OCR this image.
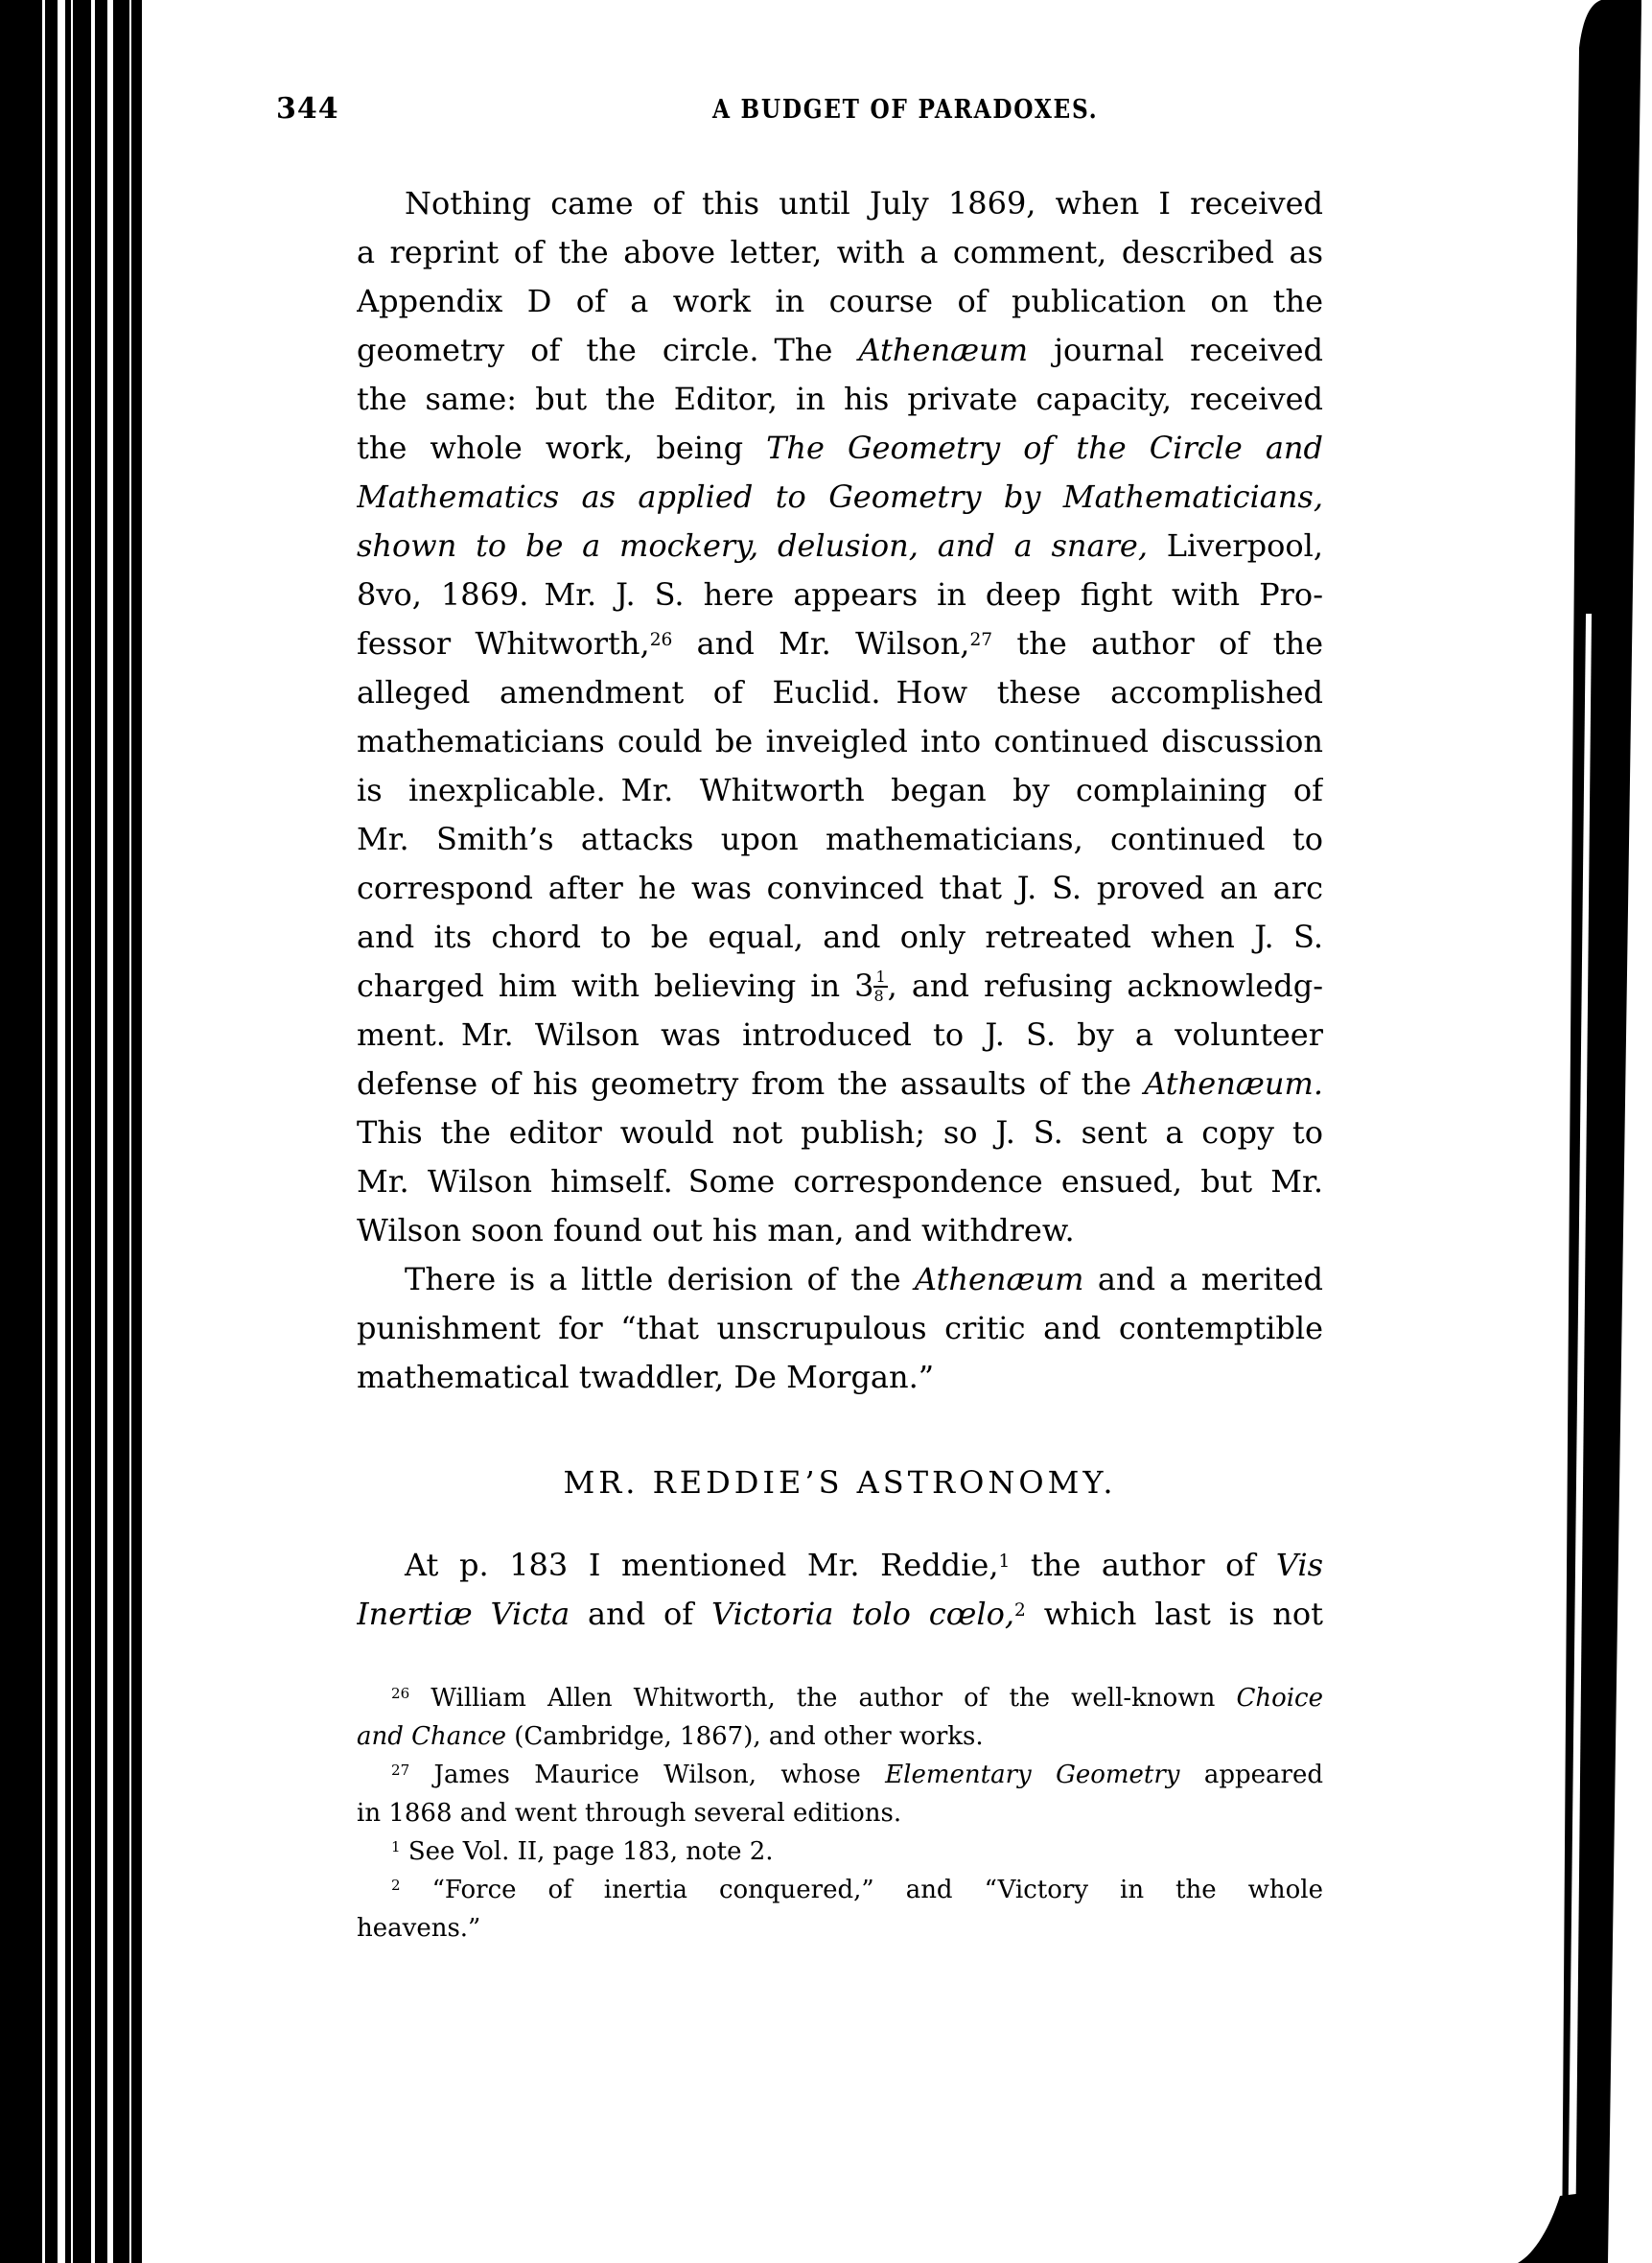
344	A BUDGET OF PARADOXES.
Nothing came of this until July 1869, when I received
a reprint of the above letter, with a comment, described as
Appendix D of a work in course of publication on the
geometry of the circle. The Athenæum journal received
the same: but the Editor, in his private capacity, received
the whole work, being The Geometry of the Circle and
Mathematics as applied to Geometry by Mathematicians,
shown to be a mockery, delusion, and a snare, Liverpool,
8vo, 1869. Mr. J. S. here appears in deep fight with Pro-
fessor Whitworth,$^{26}$ and Mr. Wilson,$^{27}$ the author of the
alleged amendment of Euclid. How these accomplished
mathematicians could be inveigled into continued discussion
is inexplicable. Mr. Whitworth began by complaining of
Mr. Smith’s attacks upon mathematicians, continued to
correspond after he was convinced that J. S. proved an arc
and its chord to be equal, and only retreated when J. S.
charged him with believing in $3 \frac{1}{8}$ , and refusing acknowledg-
ment. Mr. Wilson was introduced to J. S. by a volunteer
defense of his geometry from the assaults of the Athenæum.
This the editor would not publish; so J. S. sent a copy to
Mr. Wilson himself. Some correspondence ensued, but Mr.
Wilson soon found out his man, and withdrew.
There is a little derision of the Athenæum and a merited
punishment for “that unscrupulous critic and contemptible
mathematical twaddler, De Morgan.”
MR. REDDIE’S ASTRONOMY.
At p. 183 I mentioned Mr. Reddie,$^1$ the author of Vis
Inertiæ Victa and of Victoria tolo cœlo,$^2$ which last is not
$^{26}$ William Allen Whitworth, the author of the well-known Choice
and Chance (Cambridge, 1867), and other works.
$^{27}$ James Maurice Wilson, whose Elementary Geometry appeared
in 1868 and went through several editions.
$^1$ See Vol. II, page 183, note 2.
$^2$ “Force of inertia conquered,” and “Victory in the whole
heavens.”
